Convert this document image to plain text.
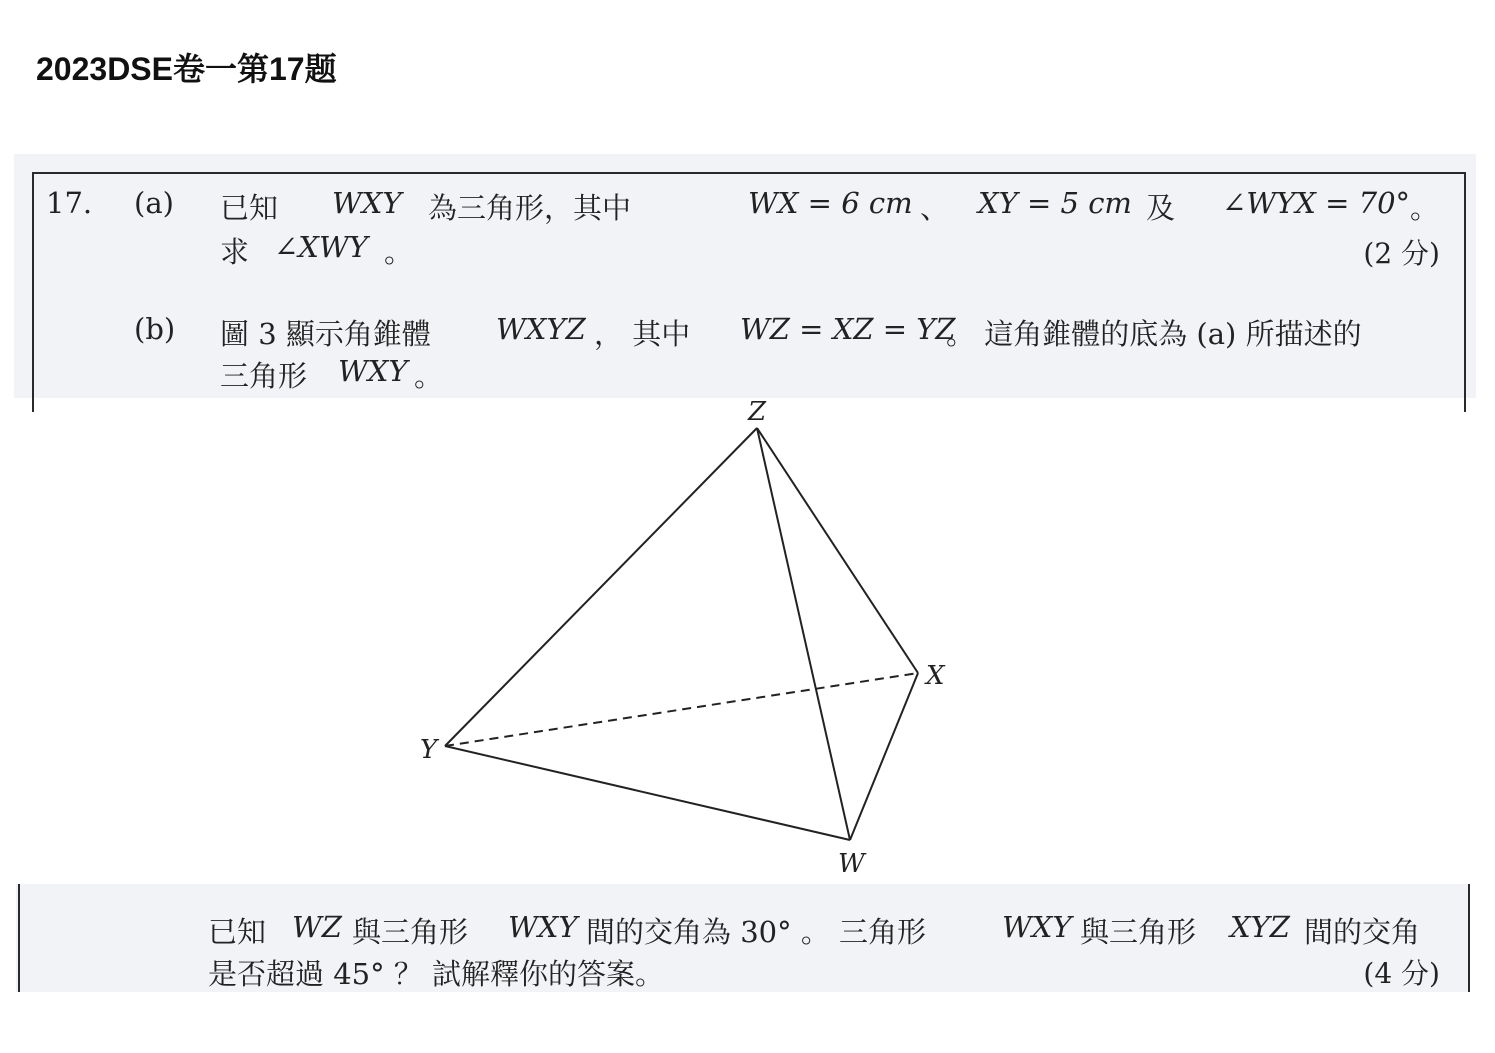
2023DSE卷一第17题
17. (a) 已知 WXY 為三角形，其中	WX = 6 cm 、 XY = 5 cm 及 ∠WYX = 70° 。
求 ∠XWY 。	(2 分)
(b) 圖 3 顯示角錐體 WXYZ ， 其中 WZ = XZ = YZ
。 這角錐體的底為 (a) 所描述的
三角形 WXY 。
Z
X
Y
W
已知 WZ 與三角形 WXY 間的交角為 30° 。 三角形	WXY 與三角形 XYZ 間的交角
是否超過 45° ？ 試解釋你的答案。	(4 分)
